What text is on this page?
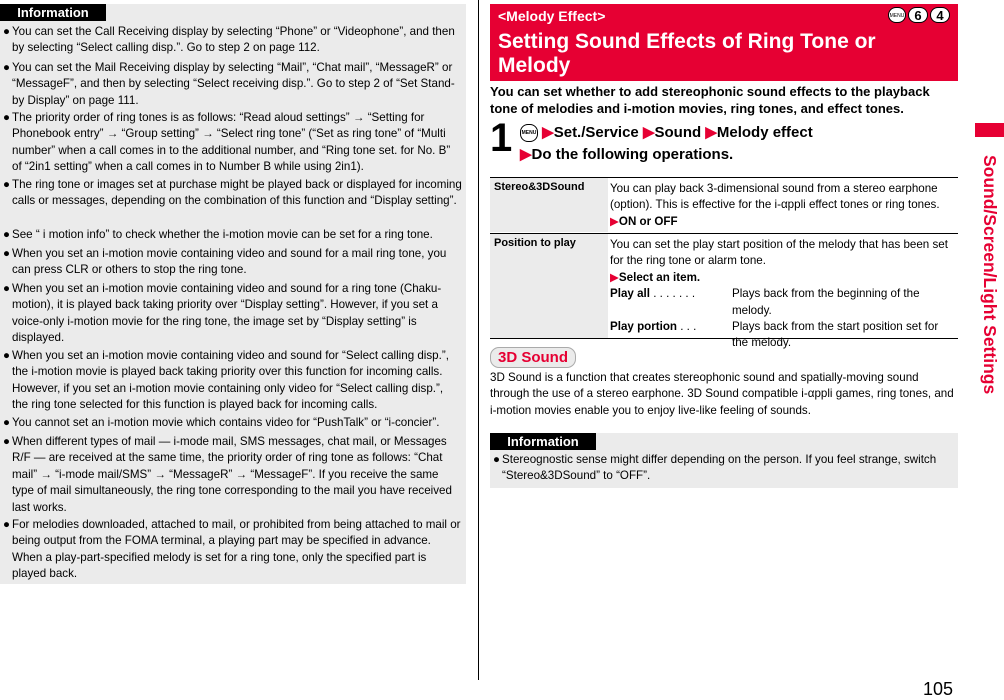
Information
● You can set the Call Receiving display by selecting “Phone” or “Videophone”, and then by selecting “Select calling disp.”. Go to step 2 on page 112.
● You can set the Mail Receiving display by selecting “Mail”, “Chat mail”, “MessageR” or “MessageF”, and then by selecting “Select receiving disp.”. Go to step 2 of “Set Stand-by Display” on page 111.
● The priority order of ring tones is as follows: “Read aloud settings” → “Setting for Phonebook entry” → “Group setting” → “Select ring tone” (“Set as ring tone” of “Multi number” when a call comes in to the additional number, and “Ring tone set. for No. B” of “2in1 setting” when a call comes in to Number B while using 2in1).
● The ring tone or images set at purchase might be played back or displayed for incoming calls or messages, depending on the combination of this function and “Display setting”.
● See “ i motion info” to check whether the i-motion movie can be set for a ring tone.
● When you set an i-motion movie containing video and sound for a mail ring tone, you can press CLR or others to stop the ring tone.
● When you set an i-motion movie containing video and sound for a ring tone (Chaku-motion), it is played back taking priority over “Display setting”. However, if you set a voice-only i-motion movie for the ring tone, the image set by “Display setting” is displayed.
● When you set an i-motion movie containing video and sound for “Select calling disp.”, the i-motion movie is played back taking priority over this function for incoming calls. However, if you set an i-motion movie containing only video for “Select calling disp.”, the ring tone selected for this function is played back for incoming calls.
● You cannot set an i-motion movie which contains video for “PushTalk” or “i-concier”.
● When different types of mail — i-mode mail, SMS messages, chat mail, or Messages R/F — are received at the same time, the priority order of ring tone as follows: “Chat mail” → “i-mode mail/SMS” → “MessageR” → “MessageF”. If you receive the same type of mail simultaneously, the ring tone corresponding to the mail you have received last works.
● For melodies downloaded, attached to mail, or prohibited from being attached to mail or being output from the FOMA terminal, a playing part may be specified in advance. When a play-part-specified melody is set for a ring tone, only the specified part is played back.
<Melody Effect>
Setting Sound Effects of Ring Tone or Melody
MENU 6	4
You can set whether to add stereophonic sound effects to the playback tone of melodies and i-motion movies, ring tones, and effect tones.
1	MENU ▶Set./Service ▶Sound ▶Melody effect
▶Do the following operations.
Stereo&3DSound	You can play back 3-dimensional sound from a stereo earphone (option). This is effective for the i-αppli effect tones or ring tones.
▶ON or OFF
Position to play	You can set the play start position of the melody that has been set for the ring tone or alarm tone.
▶Select an item.
Play all . . . . . . .	Plays back from the beginning of the melody.
Play portion . . .	Plays back from the start position set for the melody.
3D Sound
3D Sound is a function that creates stereophonic sound and spatially-moving sound through the use of a stereo earphone. 3D Sound compatible i-αppli games, ring tones, and i-motion movies enable you to enjoy live-like feeling of sounds.
Information
● Stereognostic sense might differ depending on the person. If you feel strange, switch “Stereo&3DSound” to “OFF”.
Sound/Screen/Light Settings
105
